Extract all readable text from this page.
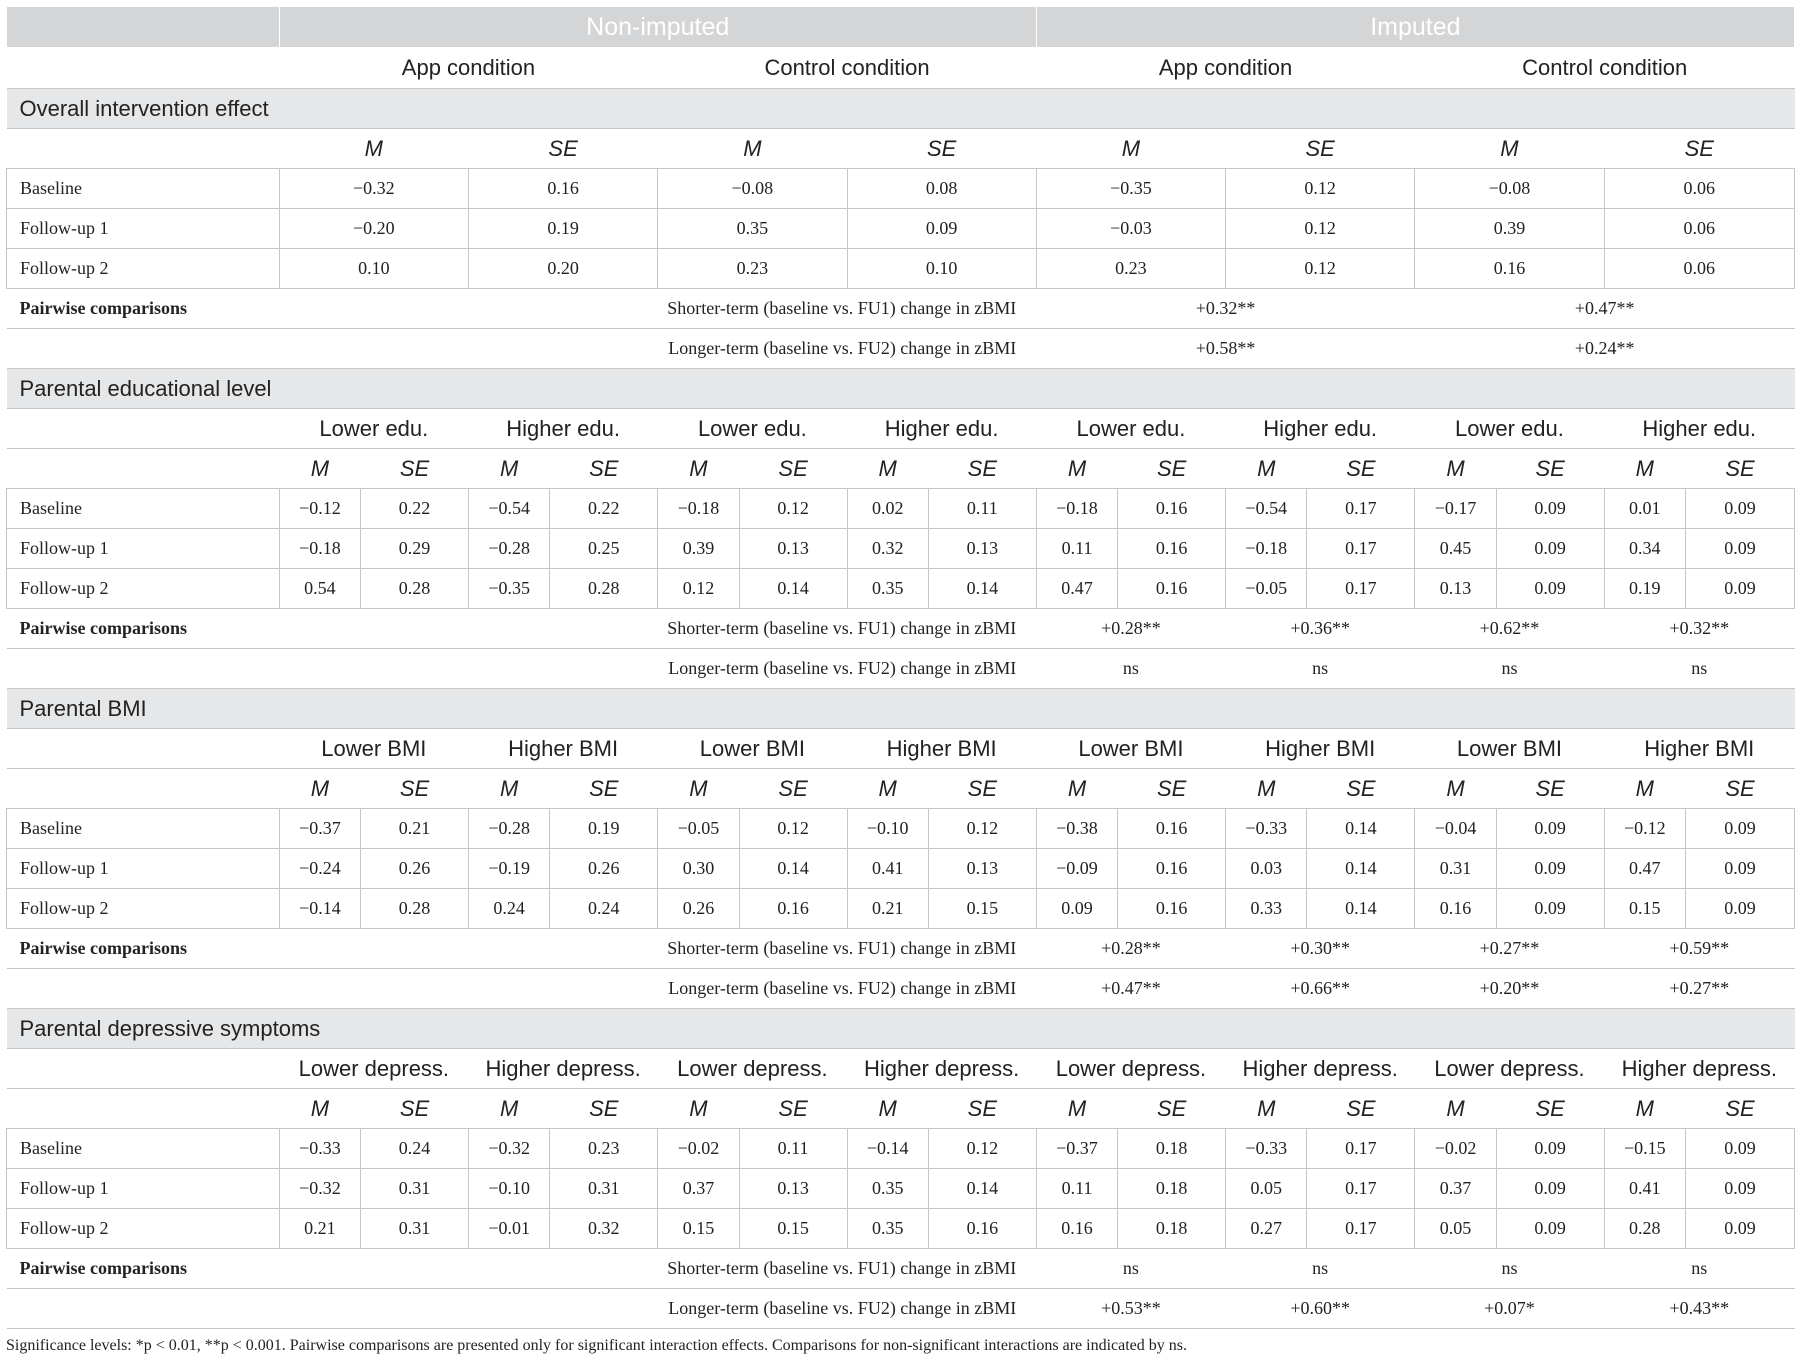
	Non-imputed								Imputed							
	App condition				Control condition				App condition				Control condition			
Overall intervention effect																
	M		SE		M		SE		M		SE		M		SE	
Baseline	−0.32		0.16		−0.08		0.08		−0.35		0.12		−0.08		0.06	
Follow-up 1	−0.20		0.19		0.35		0.09		−0.03		0.12		0.39		0.06	
Follow-up 2	0.10		0.20		0.23		0.10		0.23		0.12		0.16		0.06	
Pairwise comparisons	Shorter-term (baseline vs. FU1) change in zBMI								+0.32**				+0.47**			
	Longer-term (baseline vs. FU2) change in zBMI								+0.58**				+0.24**			
Parental educational level																
	Lower edu.		Higher edu.		Lower edu.		Higher edu.		Lower edu.		Higher edu.		Lower edu.		Higher edu.	
	M	SE	M	SE	M	SE	M	SE	M	SE	M	SE	M	SE	M	SE
Baseline	−0.12	0.22	−0.54	0.22	−0.18	0.12	0.02	0.11	−0.18	0.16	−0.54	0.17	−0.17	0.09	0.01	0.09
Follow-up 1	−0.18	0.29	−0.28	0.25	0.39	0.13	0.32	0.13	0.11	0.16	−0.18	0.17	0.45	0.09	0.34	0.09
Follow-up 2	0.54	0.28	−0.35	0.28	0.12	0.14	0.35	0.14	0.47	0.16	−0.05	0.17	0.13	0.09	0.19	0.09
Pairwise comparisons	Shorter-term (baseline vs. FU1) change in zBMI								+0.28**		+0.36**		+0.62**		+0.32**	
	Longer-term (baseline vs. FU2) change in zBMI								ns		ns		ns		ns	
Parental BMI																
	Lower BMI		Higher BMI		Lower BMI		Higher BMI		Lower BMI		Higher BMI		Lower BMI		Higher BMI	
	M	SE	M	SE	M	SE	M	SE	M	SE	M	SE	M	SE	M	SE
Baseline	−0.37	0.21	−0.28	0.19	−0.05	0.12	−0.10	0.12	−0.38	0.16	−0.33	0.14	−0.04	0.09	−0.12	0.09
Follow-up 1	−0.24	0.26	−0.19	0.26	0.30	0.14	0.41	0.13	−0.09	0.16	0.03	0.14	0.31	0.09	0.47	0.09
Follow-up 2	−0.14	0.28	0.24	0.24	0.26	0.16	0.21	0.15	0.09	0.16	0.33	0.14	0.16	0.09	0.15	0.09
Pairwise comparisons	Shorter-term (baseline vs. FU1) change in zBMI								+0.28**		+0.30**		+0.27**		+0.59**	
	Longer-term (baseline vs. FU2) change in zBMI								+0.47**		+0.66**		+0.20**		+0.27**	
Parental depressive symptoms																
	Lower depress.		Higher depress.		Lower depress.		Higher depress.		Lower depress.		Higher depress.		Lower depress.		Higher depress.	
	M	SE	M	SE	M	SE	M	SE	M	SE	M	SE	M	SE	M	SE
Baseline	−0.33	0.24	−0.32	0.23	−0.02	0.11	−0.14	0.12	−0.37	0.18	−0.33	0.17	−0.02	0.09	−0.15	0.09
Follow-up 1	−0.32	0.31	−0.10	0.31	0.37	0.13	0.35	0.14	0.11	0.18	0.05	0.17	0.37	0.09	0.41	0.09
Follow-up 2	0.21	0.31	−0.01	0.32	0.15	0.15	0.35	0.16	0.16	0.18	0.27	0.17	0.05	0.09	0.28	0.09
Pairwise comparisons	Shorter-term (baseline vs. FU1) change in zBMI								ns		ns		ns		ns	
	Longer-term (baseline vs. FU2) change in zBMI								+0.53**		+0.60**		+0.07*		+0.43**	
Significance levels: *p < 0.01, **p < 0.001. Pairwise comparisons are presented only for significant interaction effects. Comparisons for non-significant interactions are indicated by ns.
